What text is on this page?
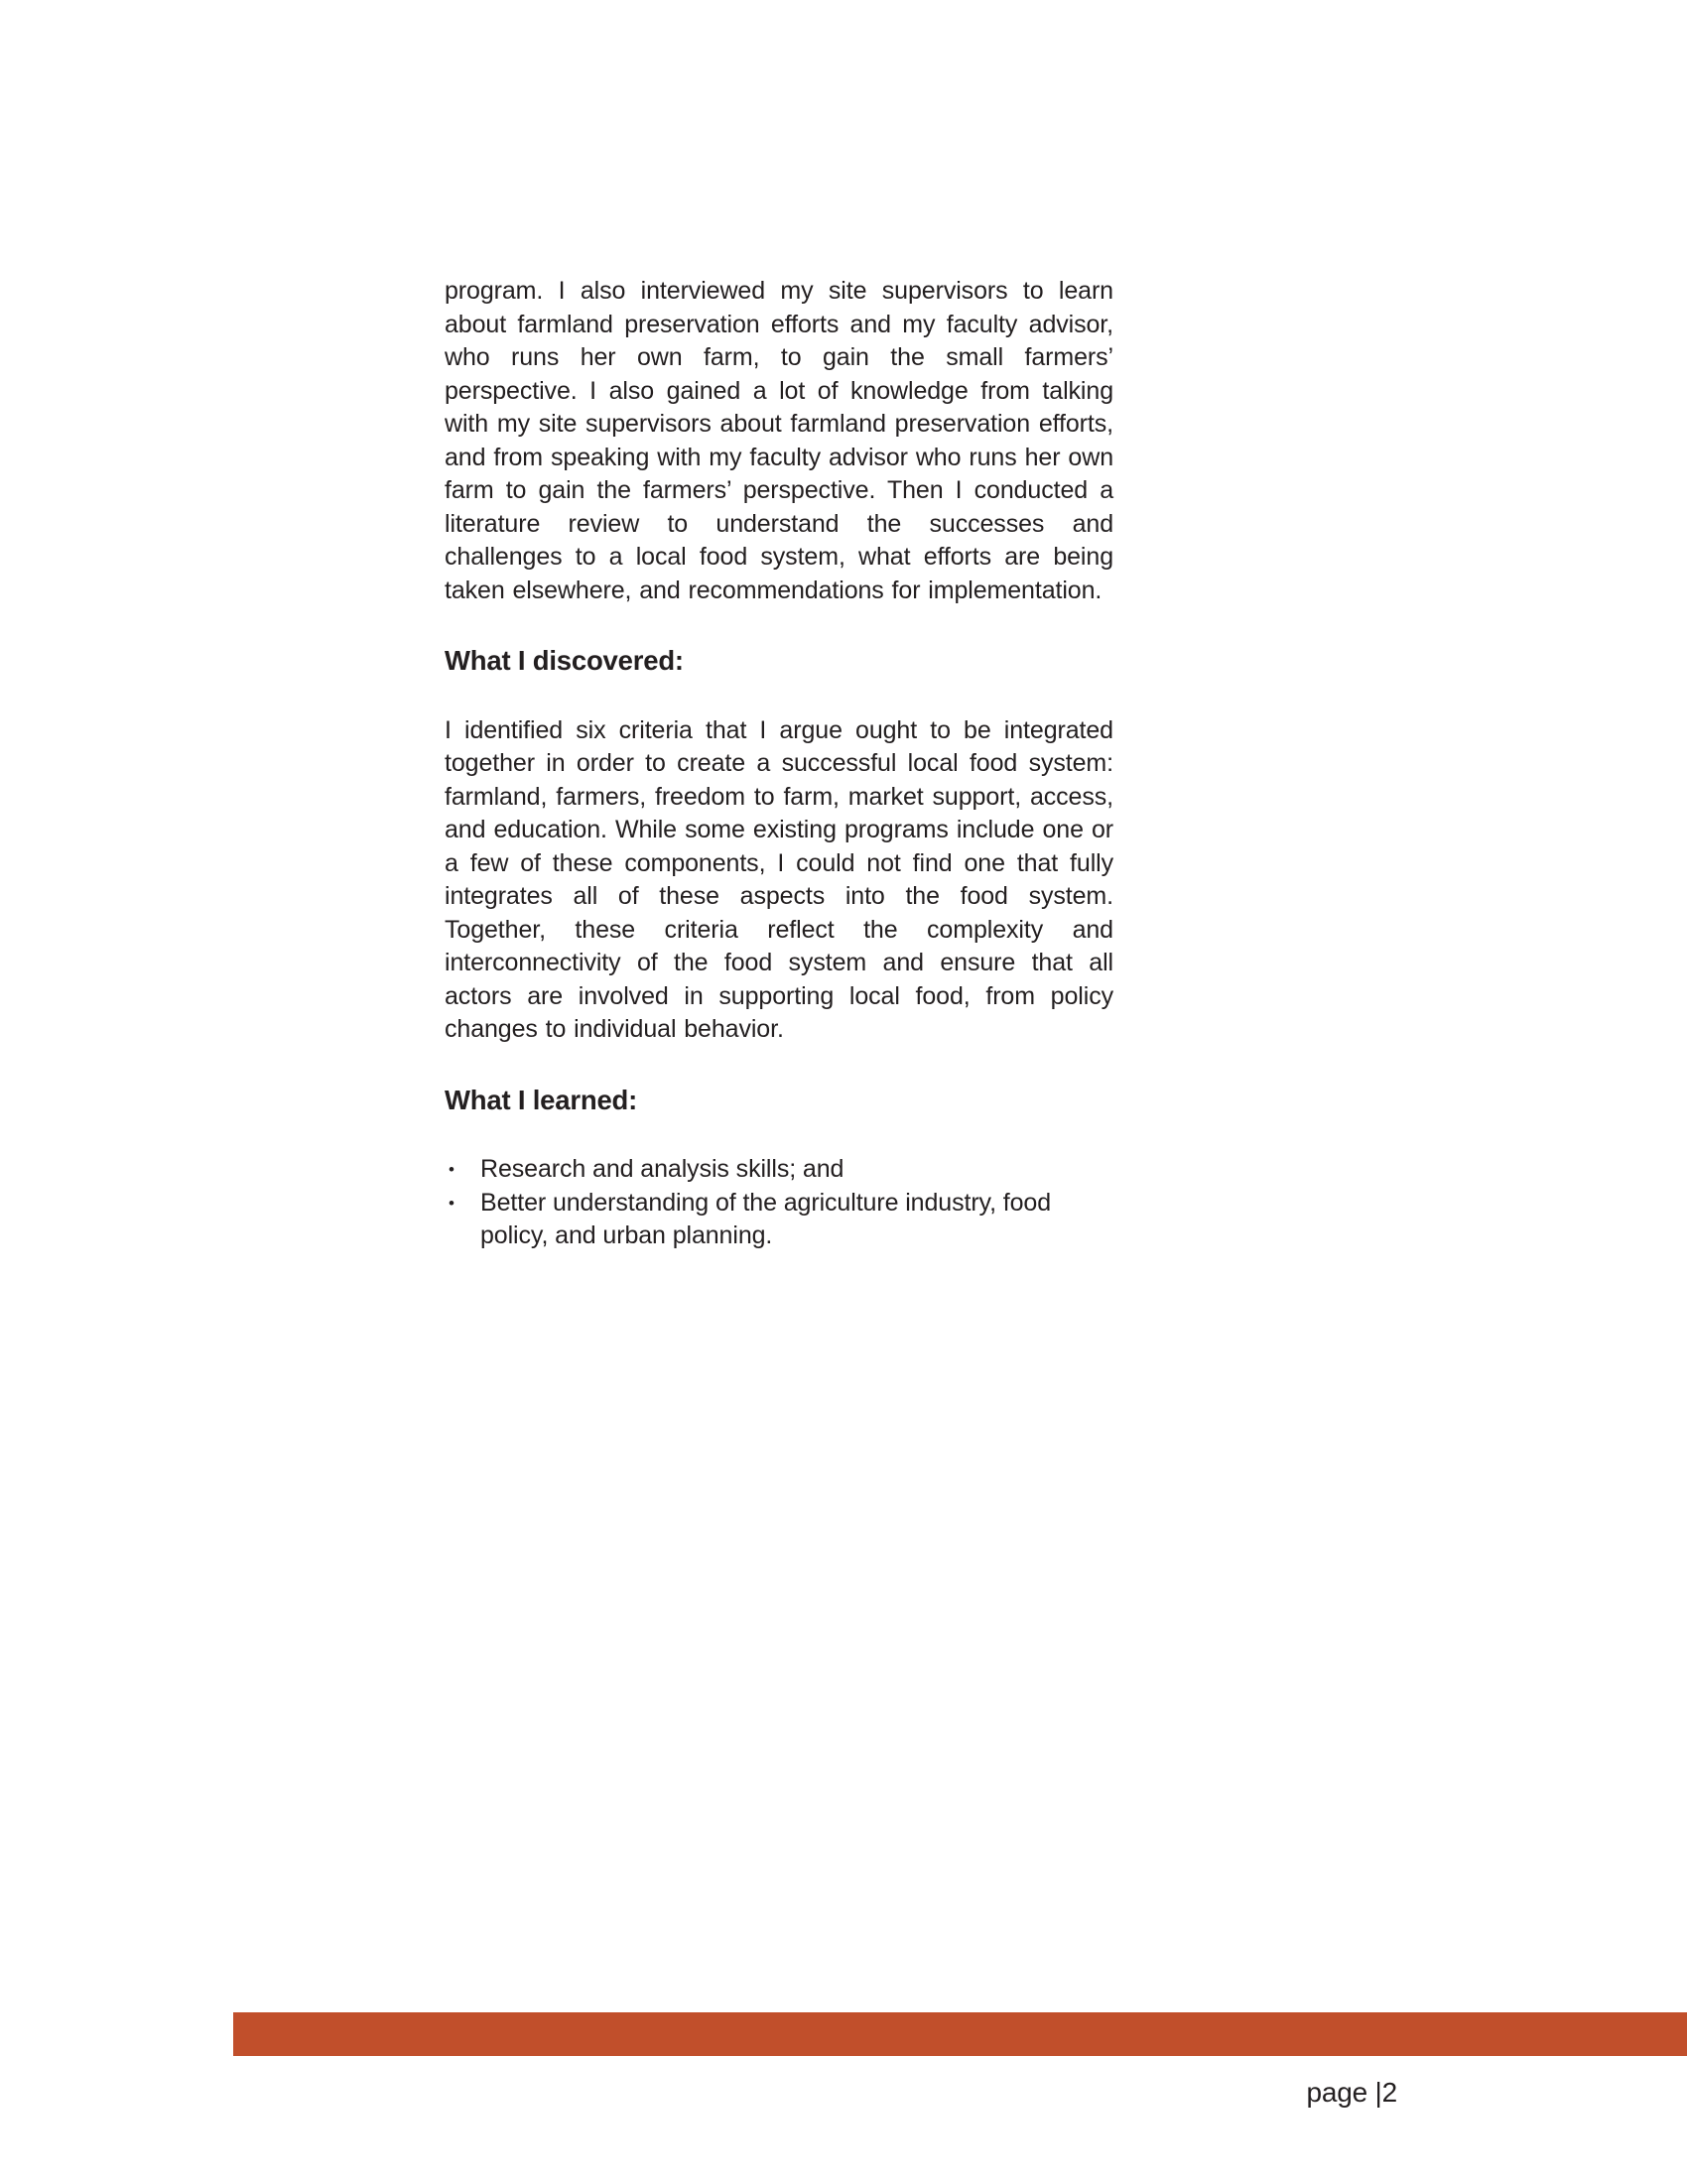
program. I also interviewed my site supervisors to learn about farmland preservation efforts and my faculty advisor, who runs her own farm, to gain the small farmers’ perspective. I also gained a lot of knowledge from talking with my site supervisors about farmland preservation efforts, and from speaking with my faculty advisor who runs her own farm to gain the farmers’ perspective. Then I conducted a literature review to understand the successes and challenges to a local food system, what efforts are being taken elsewhere, and recommendations for implementation.

What I discovered:

I identified six criteria that I argue ought to be integrated together in order to create a successful local food system: farmland, farmers, freedom to farm, market support, access, and education. While some existing programs include one or a few of these components, I could not find one that fully integrates all of these aspects into the food system. Together, these criteria reflect the complexity and interconnectivity of the food system and ensure that all actors are involved in supporting local food, from policy changes to individual behavior.

What I learned:
•	Research and analysis skills; and
•	Better understanding of the agriculture industry, food policy, and urban planning.
page |2
